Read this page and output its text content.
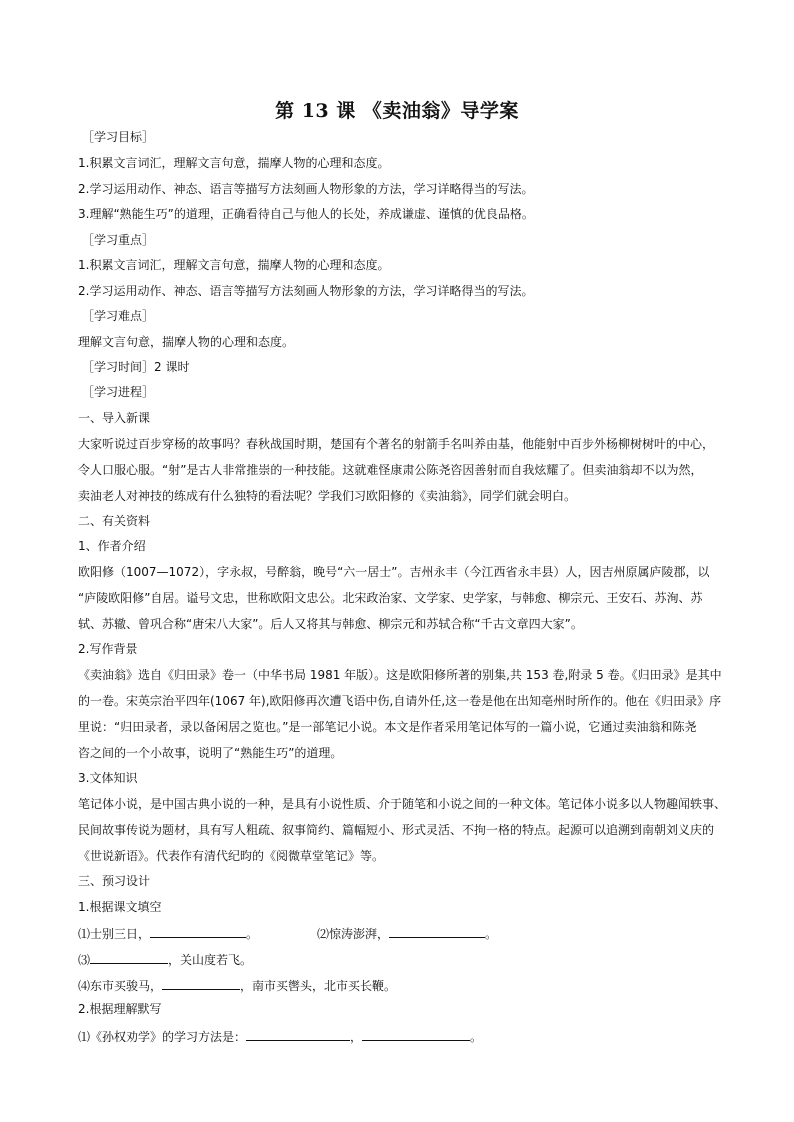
第 13 课 《卖油翁》导学案
［学习目标］
1.积累文言词汇，理解文言句意，揣摩人物的心理和态度。
2.学习运用动作、神态、语言等描写方法刻画人物形象的方法，学习详略得当的写法。
3.理解“熟能生巧”的道理，正确看待自己与他人的长处，养成谦虚、谨慎的优良品格。
［学习重点］
1.积累文言词汇，理解文言句意，揣摩人物的心理和态度。
2.学习运用动作、神态、语言等描写方法刻画人物形象的方法，学习详略得当的写法。
［学习难点］
理解文言句意，揣摩人物的心理和态度。
［学习时间］2 课时
［学习进程］
一、导入新课
大家听说过百步穿杨的故事吗？春秋战国时期，楚国有个著名的射箭手名叫养由基，他能射中百步外杨柳树树叶的中心，
令人口服心服。“射”是古人非常推崇的一种技能。这就难怪康肃公陈尧咨因善射而自我炫耀了。但卖油翁却不以为然，
卖油老人对神技的练成有什么独特的看法呢？学我们习欧阳修的《卖油翁》，同学们就会明白。
二、有关资料
1、作者介绍
欧阳修（1007—1072），字永叔，号醉翁，晚号“六一居士”。吉州永丰（今江西省永丰县）人，因吉州原属庐陵郡，以
“庐陵欧阳修”自居。谥号文忠，世称欧阳文忠公。北宋政治家、文学家、史学家，与韩愈、柳宗元、王安石、苏洵、苏
轼、苏辙、曾巩合称“唐宋八大家”。后人又将其与韩愈、柳宗元和苏轼合称“千古文章四大家”。
2.写作背景
《卖油翁》选自《归田录》卷一（中华书局 1981 年版）。这是欧阳修所著的别集,共 153 卷,附录 5 卷。《归田录》是其中
的一卷。宋英宗治平四年(1067 年),欧阳修再次遭飞语中伤,自请外任,这一卷是他在出知亳州时所作的。他在《归田录》序
里说：“归田录者，录以备闲居之览也。”是一部笔记小说。本文是作者采用笔记体写的一篇小说，它通过卖油翁和陈尧
咨之间的一个小故事，说明了“熟能生巧”的道理。
3.文体知识
笔记体小说，是中国古典小说的一种，是具有小说性质、介于随笔和小说之间的一种文体。笔记体小说多以人物趣闻轶事、
民间故事传说为题材，具有写人粗疏、叙事简约、篇幅短小、形式灵活、不拘一格的特点。起源可以追溯到南朝刘义庆的
《世说新语》。代表作有清代纪昀的《阅微草堂笔记》等。
三、预习设计
1.根据课文填空
⑴士别三日，	。	⑵惊涛澎湃，	。
⑶	，关山度若飞。
⑷东市买骏马，	，南市买辔头，北市买长鞭。
2.根据理解默写
⑴《孙权劝学》的学习方法是：	，	。
